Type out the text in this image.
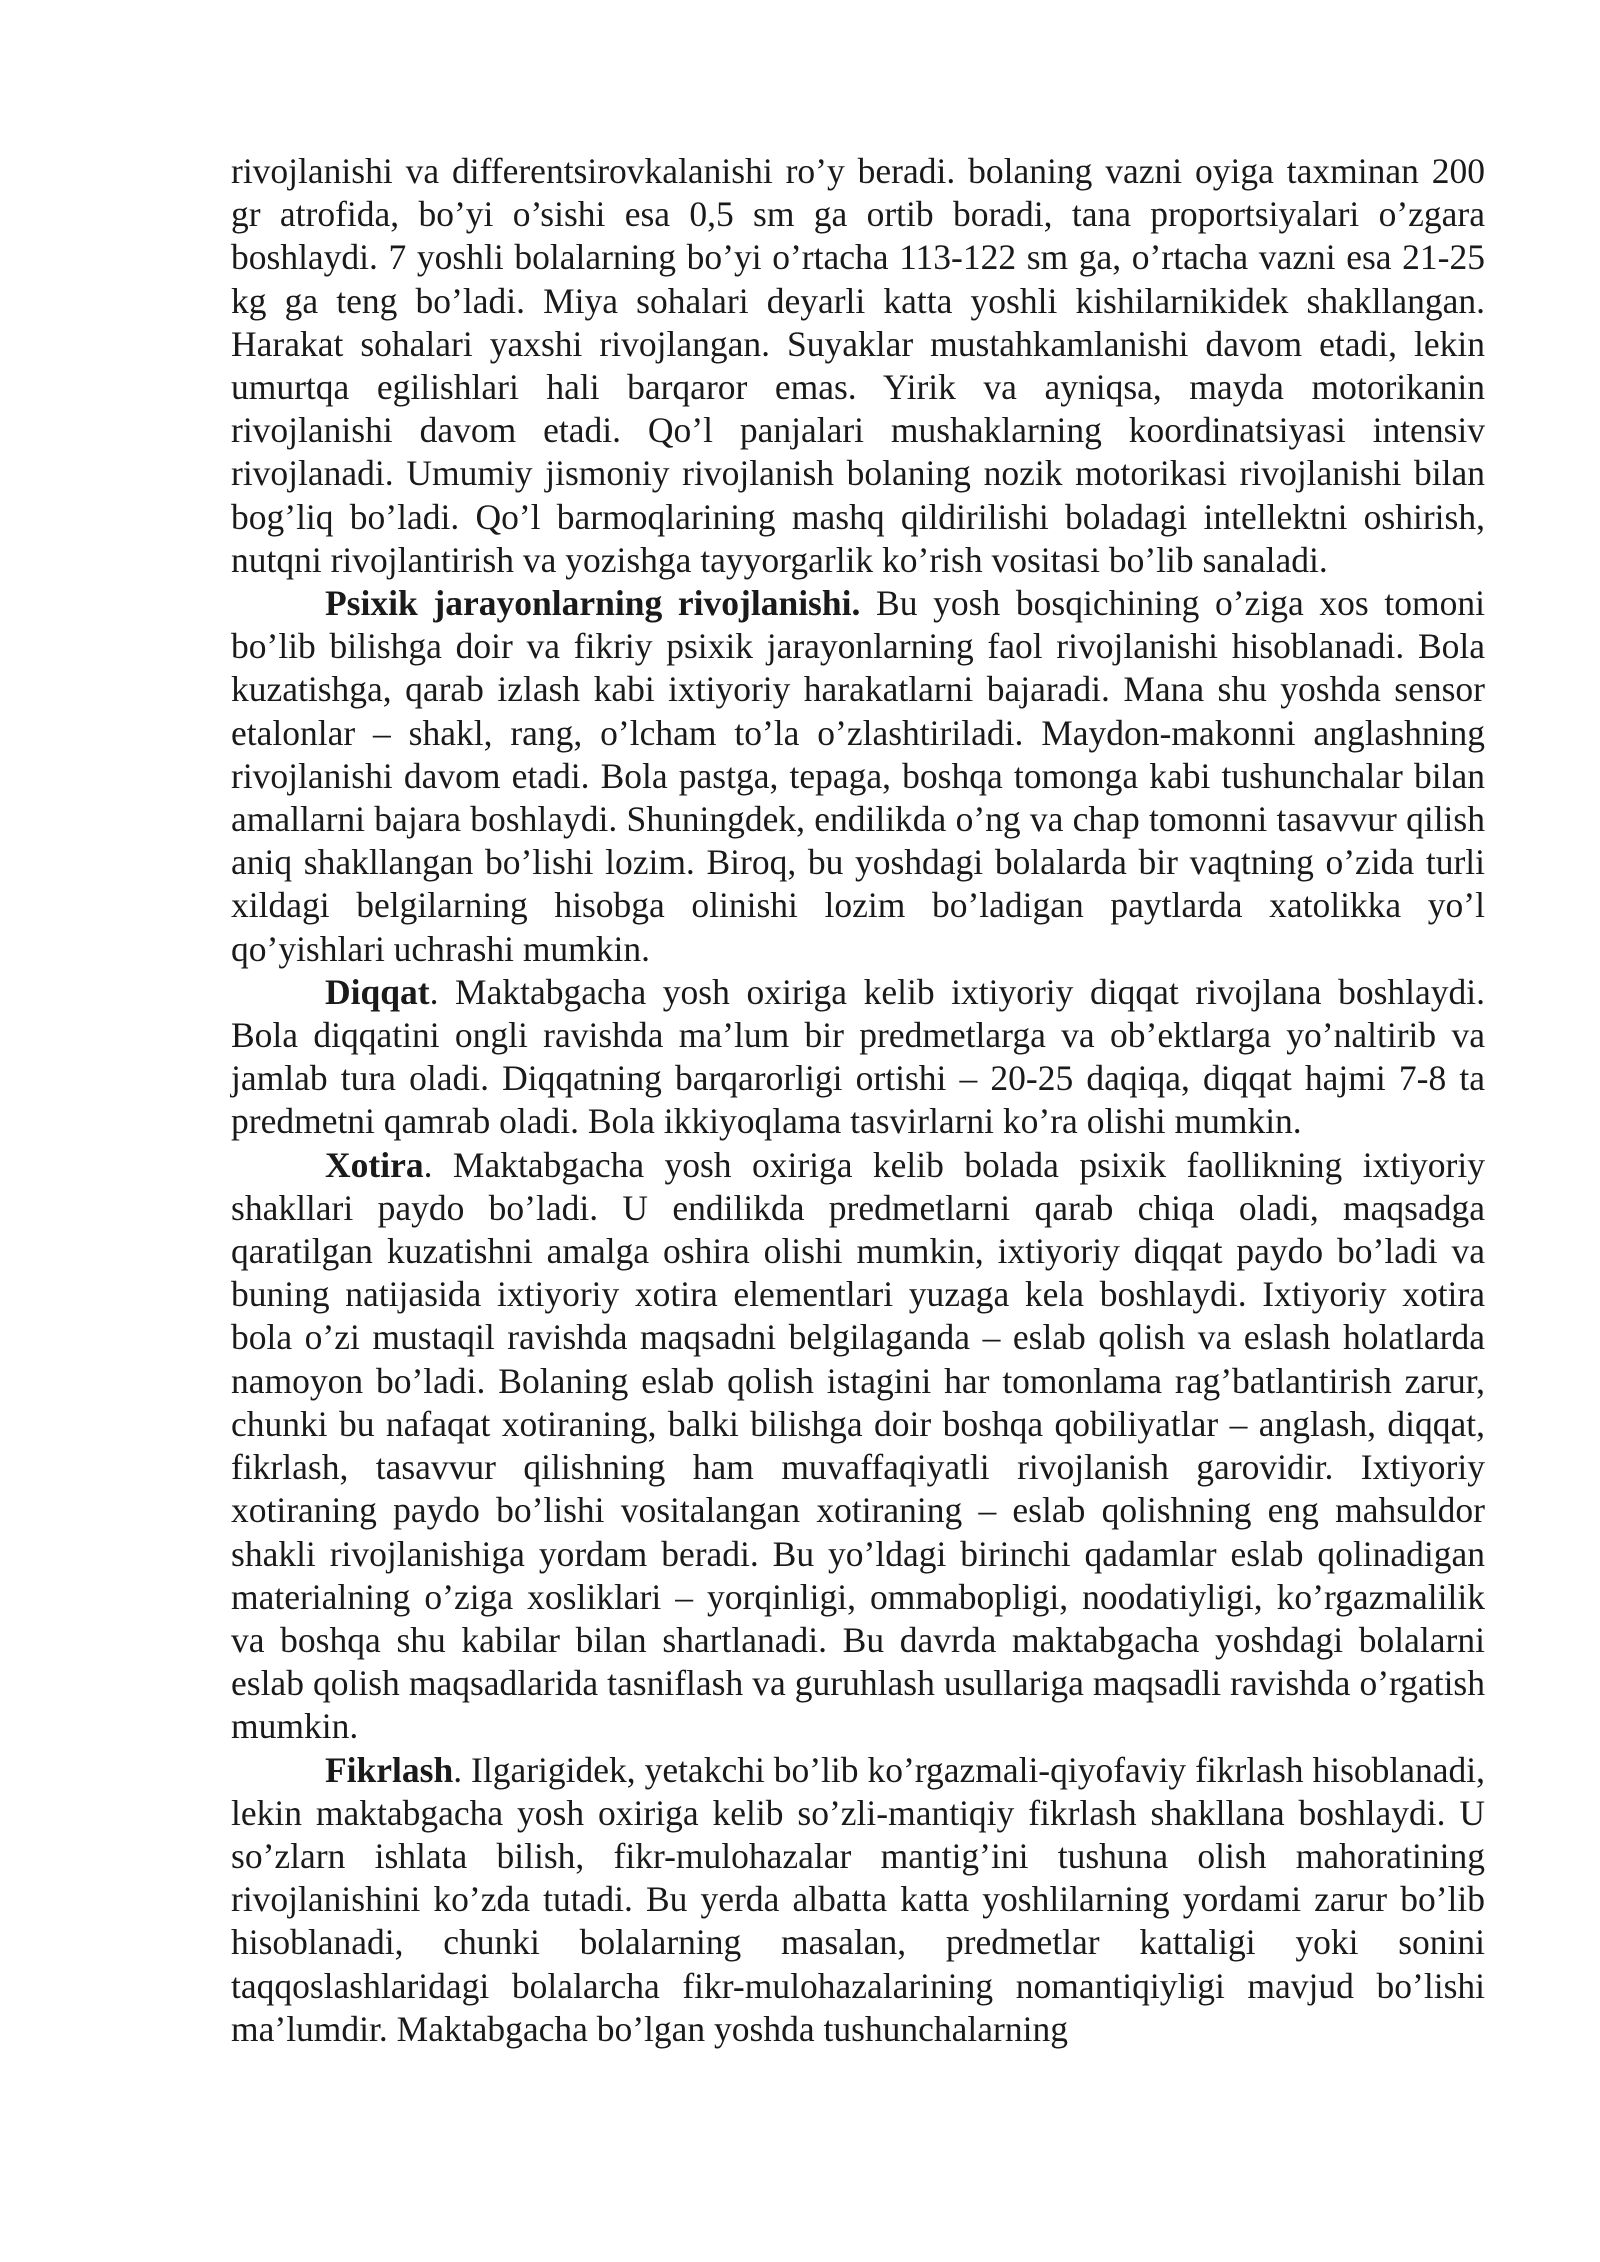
rivojlanishi va differentsirovkalanishi ro’y beradi. bolaning vazni oyiga taxminan 200 gr atrofida, bo’yi o’sishi esa 0,5 sm ga ortib boradi, tana proportsiyalari o’zgara boshlaydi. 7 yoshli bolalarning bo’yi o’rtacha 113-122 sm ga, o’rtacha vazni esa 21-25 kg ga teng bo’ladi. Miya sohalari deyarli katta yoshli kishilarnikidek shakllangan. Harakat sohalari yaxshi rivojlangan. Suyaklar mustahkamlanishi davom etadi, lekin umurtqa egilishlari hali barqaror emas. Yirik va ayniqsa, mayda motorikanin rivojlanishi davom etadi. Qo’l panjalari mushaklarning koordinatsiyasi intensiv rivojlanadi. Umumiy jismoniy rivojlanish bolaning nozik motorikasi rivojlanishi bilan bog’liq bo’ladi. Qo’l barmoqlarining mashq qildirilishi boladagi intellektni oshirish, nutqni rivojlantirish va yozishga tayyorgarlik ko’rish vositasi bo’lib sanaladi.

Psixik jarayonlarning rivojlanishi. Bu yosh bosqichining o’ziga xos tomoni bo’lib bilishga doir va fikriy psixik jarayonlarning faol rivojlanishi hisoblanadi. Bola kuzatishga, qarab izlash kabi ixtiyoriy harakatlarni bajaradi. Mana shu yoshda sensor etalonlar – shakl, rang, o’lcham to’la o’zlashtiriladi. Maydon-makonni anglashning rivojlanishi davom etadi. Bola pastga, tepaga, boshqa tomonga kabi tushunchalar bilan amallarni bajara boshlaydi. Shuningdek, endilikda o’ng va chap tomonni tasavvur qilish aniq shakllangan bo’lishi lozim. Biroq, bu yoshdagi bolalarda bir vaqtning o’zida turli xildagi belgilarning hisobga olinishi lozim bo’ladigan paytlarda xatolikka yo’l qo’yishlari uchrashi mumkin.

Diqqat. Maktabgacha yosh oxiriga kelib ixtiyoriy diqqat rivojlana boshlaydi. Bola diqqatini ongli ravishda ma’lum bir predmetlarga va ob’ektlarga yo’naltirib va jamlab tura oladi. Diqqatning barqarorligi ortishi – 20-25 daqiqa, diqqat hajmi 7-8 ta predmetni qamrab oladi. Bola ikkiyoqlama tasvirlarni ko’ra olishi mumkin.

Xotira. Maktabgacha yosh oxiriga kelib bolada psixik faollikning ixtiyoriy shakllari paydo bo’ladi. U endilikda predmetlarni qarab chiqa oladi, maqsadga qaratilgan kuzatishni amalga oshira olishi mumkin, ixtiyoriy diqqat paydo bo’ladi va buning natijasida ixtiyoriy xotira elementlari yuzaga kela boshlaydi. Ixtiyoriy xotira bola o’zi mustaqil ravishda maqsadni belgilaganda – eslab qolish va eslash holatlarda namoyon bo’ladi. Bolaning eslab qolish istagini har tomonlama rag’batlantirish zarur, chunki bu nafaqat xotiraning, balki bilishga doir boshqa qobiliyatlar – anglash, diqqat, fikrlash, tasavvur qilishning ham muvaffaqiyatli rivojlanish garovidir. Ixtiyoriy xotiraning paydo bo’lishi vositalangan xotiraning – eslab qolishning eng mahsuldor shakli rivojlanishiga yordam beradi. Bu yo’ldagi birinchi qadamlar eslab qolinadigan materialning o’ziga xosliklari – yorqinligi, ommabopligi, noodatiyligi, ko’rgazmalilik va boshqa shu kabilar bilan shartlanadi. Bu davrda maktabgacha yoshdagi bolalarni eslab qolish maqsadlarida tasniflash va guruhlash usullariga maqsadli ravishda o’rgatish mumkin.

Fikrlash. Ilgarigidek, yetakchi bo’lib ko’rgazmali-qiyofaviy fikrlash hisoblanadi, lekin maktabgacha yosh oxiriga kelib so’zli-mantiqiy fikrlash shakllana boshlaydi. U so’zlarn ishlata bilish, fikr-mulohazalar mantig’ini tushuna olish mahoratining rivojlanishini ko’zda tutadi. Bu yerda albatta katta yoshlilarning yordami zarur bo’lib hisoblanadi, chunki bolalarning masalan, predmetlar kattaligi yoki sonini taqqoslashlaridagi bolalarcha fikr-mulohazalarining nomantiqiyligi mavjud bo’lishi ma’lumdir. Maktabgacha bo’lgan yoshda tushunchalarning
